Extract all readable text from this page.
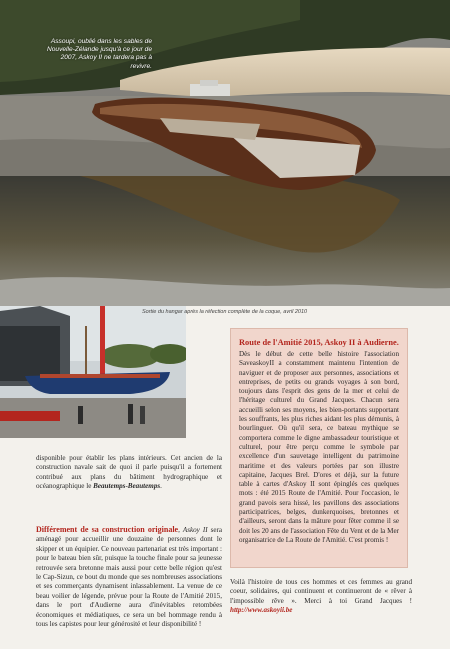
Assoupi, oublié dans les sables de Nouvelle-Zélande jusqu'à ce jour de 2007, Askoy II ne tardera pas à revivre.
Sortie du hangar après la réfection complète de la coque, avril 2010
Route de l'Amitié 2015, Askoy II à Audierne.

Dès le début de cette belle histoire l'association SaveaskoyII a constamment maintenu l'intention de naviguer et de proposer aux personnes, associations et entreprises, de petits ou grands voyages à son bord, toujours dans l'esprit des gens de la mer et celui de l'héritage culturel du Grand Jacques. Chacun sera accueilli selon ses moyens, les bien-portants supportant les souffrants, les plus riches aidant les plus démunis, à bourlinguer. Où qu'il sera, ce bateau mythique se comportera comme le digne ambassadeur touristique et culturel, pour être perçu comme le symbole par excellence d'un sauvetage intelligent du patrimoine maritime et des valeurs portées par son illustre capitaine, Jacques Brel. D'ores et déjà, sur la future table à cartes d'Askoy II sont épinglés ces quelques mots : été 2015 Route de l'Amitié. Pour l'occasion, le grand pavois sera hissé, les pavillons des associations participatrices, belges, dunkerquoises, bretonnes et d'ailleurs, seront dans la mâture pour fêter comme il se doit les 20 ans de l'association Fête du Vent et de la Mer organisatrice de La Route de l'Amitié. C'est promis !

disponible pour établir les plans intérieurs. Cet ancien de la construction navale sait de quoi il parle puisqu'il a fortement contribué aux plans du bâtiment hydrographique et océanographique le Beautemps-Beautemps.

Différement de sa construction originale, Askoy II sera aménagé pour accueillir une douzaine de personnes dont le skipper et un équipier. Ce nouveau partenariat est très important : pour le bateau bien sûr, puisque la touche finale pour sa jeunesse retrouvée sera bretonne mais aussi pour cette belle région qu'est le Cap-Sizun, ce bout du monde que ses nombreuses associations et ses commerçants dynamisent inlassablement. La venue de ce beau voilier de légende, prévue pour la Route de l'Amitié 2015, dans le port d'Audierne aura d'inévitables retombées économiques et médiatiques, ce sera un bel hommage rendu à tous les capistes pour leur générosité et leur disponibilité !

Voilà l'histoire de tous ces hommes et ces femmes au grand coeur, solidaires, qui continuent et continueront de « rêver à l'impossible rêve ». Merci à toi Grand Jacques ! http://www.askoyii.be
